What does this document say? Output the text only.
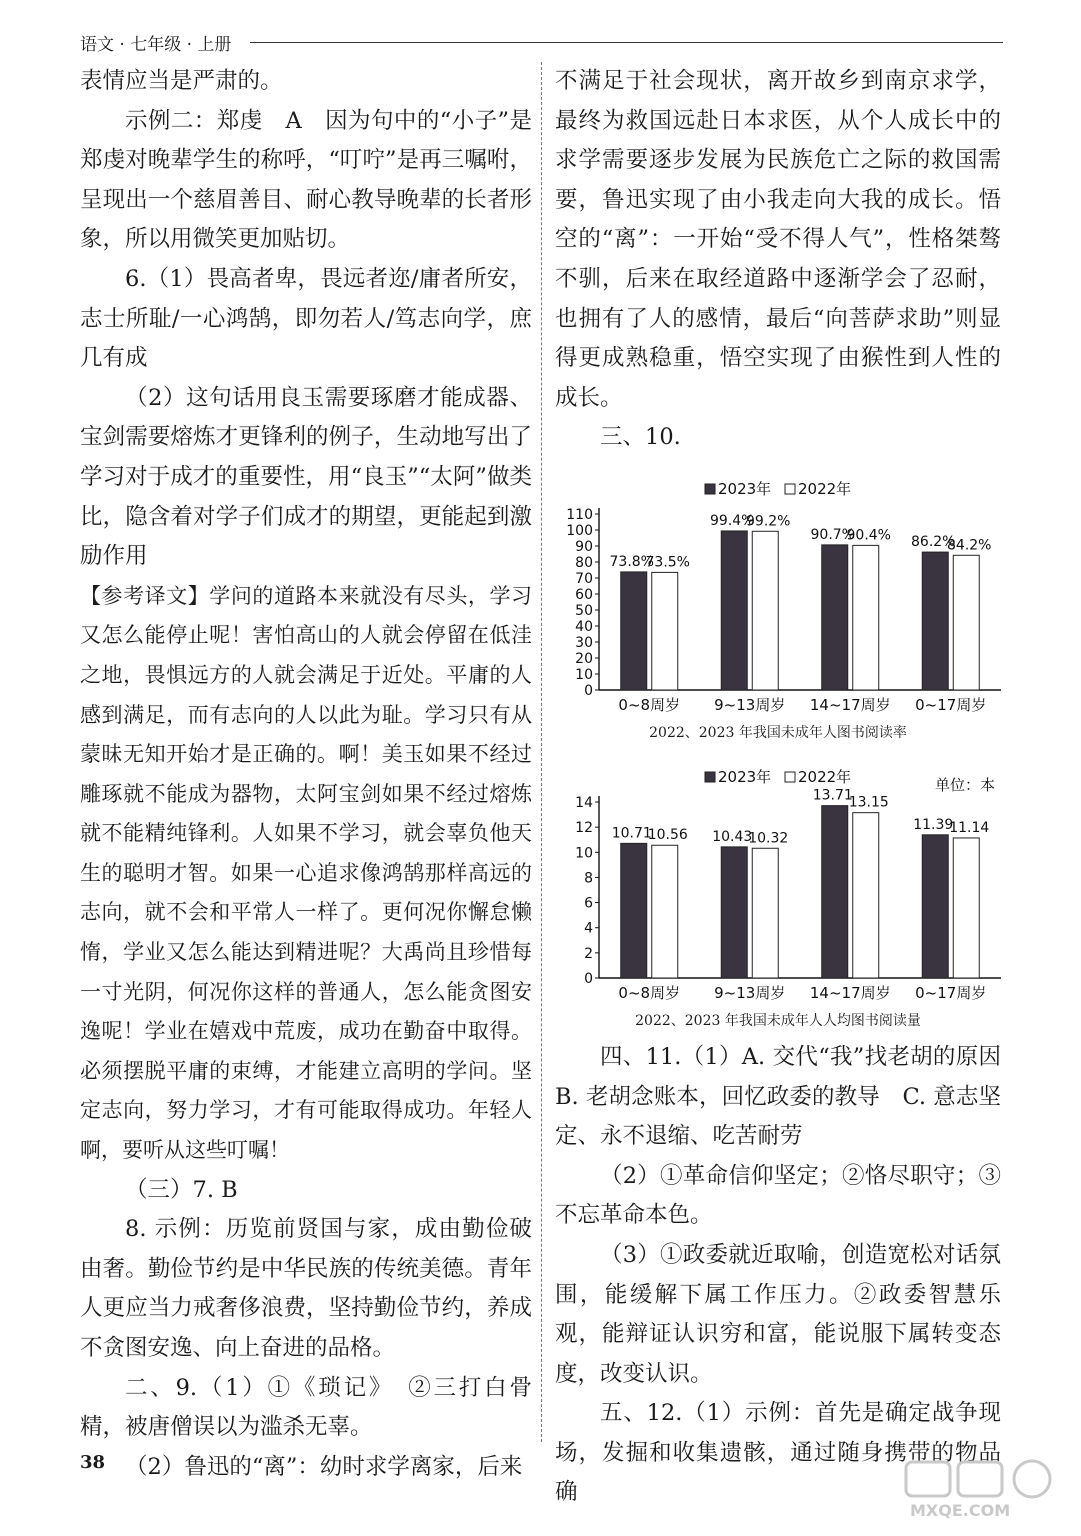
语文 · 七年级 · 上册

表情应当是严肃的。

示例二：郑虔　A　因为句中的“小子”是郑虔对晚辈学生的称呼，“叮咛”是再三嘱咐，呈现出一个慈眉善目、耐心教导晚辈的长者形象，所以用微笑更加贴切。

6.（1）畏高者卑，畏远者迩/庸者所安，志士所耻/一心鸿鹄，即勿若人/笃志向学，庶几有成

（2）这句话用良玉需要琢磨才能成器、宝剑需要熔炼才更锋利的例子，生动地写出了学习对于成才的重要性，用“良玉”“太阿”做类比，隐含着对学子们成才的期望，更能起到激励作用

【参考译文】学问的道路本来就没有尽头，学习又怎么能停止呢！害怕高山的人就会停留在低洼之地，畏惧远方的人就会满足于近处。平庸的人感到满足，而有志向的人以此为耻。学习只有从蒙昧无知开始才是正确的。啊！美玉如果不经过雕琢就不能成为器物，太阿宝剑如果不经过熔炼就不能精纯锋利。人如果不学习，就会辜负他天生的聪明才智。如果一心追求像鸿鹄那样高远的志向，就不会和平常人一样了。更何况你懈怠懒惰，学业又怎么能达到精进呢？大禹尚且珍惜每一寸光阴，何况你这样的普通人，怎么能贪图安逸呢！学业在嬉戏中荒废，成功在勤奋中取得。必须摆脱平庸的束缚，才能建立高明的学问。坚定志向，努力学习，才有可能取得成功。年轻人啊，要听从这些叮嘱！

（三）7. B

8. 示例：历览前贤国与家，成由勤俭破由奢。勤俭节约是中华民族的传统美德。青年人更应当力戒奢侈浪费，坚持勤俭节约，养成不贪图安逸、向上奋进的品格。

二、9.（1）①《琐记》　②三打白骨精，被唐僧误以为滥杀无辜。

（2）鲁迅的“离”：幼时求学离家，后来

不满足于社会现状，离开故乡到南京求学，最终为救国远赴日本求医，从个人成长中的求学需要逐步发展为民族危亡之际的救国需要，鲁迅实现了由小我走向大我的成长。悟空的“离”：一开始“受不得人气”，性格桀骜不驯，后来在取经道路中逐渐学会了忍耐，也拥有了人的感情，最后“向菩萨求助”则显得更成熟稳重，悟空实现了由猴性到人性的成长。

三、10.

2023年 2022年
0
10
20
30
40
50
60
70
80
90
100
110
73.8%
73.5%
0~8周岁
99.4%
99.2%
9~13周岁
90.7%
90.4%
14~17周岁
86.2%
84.2%
0~17周岁
2022、2023 年我国未成年人图书阅读率
2023年 2022年	单位：本
0
2
4
6
8
10
12
14
10.71
10.56
0~8周岁
10.43
10.32
9~13周岁
13.71
13.15
14~17周岁
11.39
11.14
0~17周岁
2022、2023 年我国未成年人人均图书阅读量

四、11.（1）A. 交代“我”找老胡的原因　B. 老胡念账本，回忆政委的教导　C. 意志坚定、永不退缩、吃苦耐劳

（2）①革命信仰坚定；②恪尽职守；③不忘革命本色。

（3）①政委就近取喻，创造宽松对话氛围，能缓解下属工作压力。②政委智慧乐观，能辩证认识穷和富，能说服下属转变态度，改变认识。

五、12.（1）示例：首先是确定战争现场，发掘和收集遗骸，通过随身携带的物品确

38
MXQE.COM
